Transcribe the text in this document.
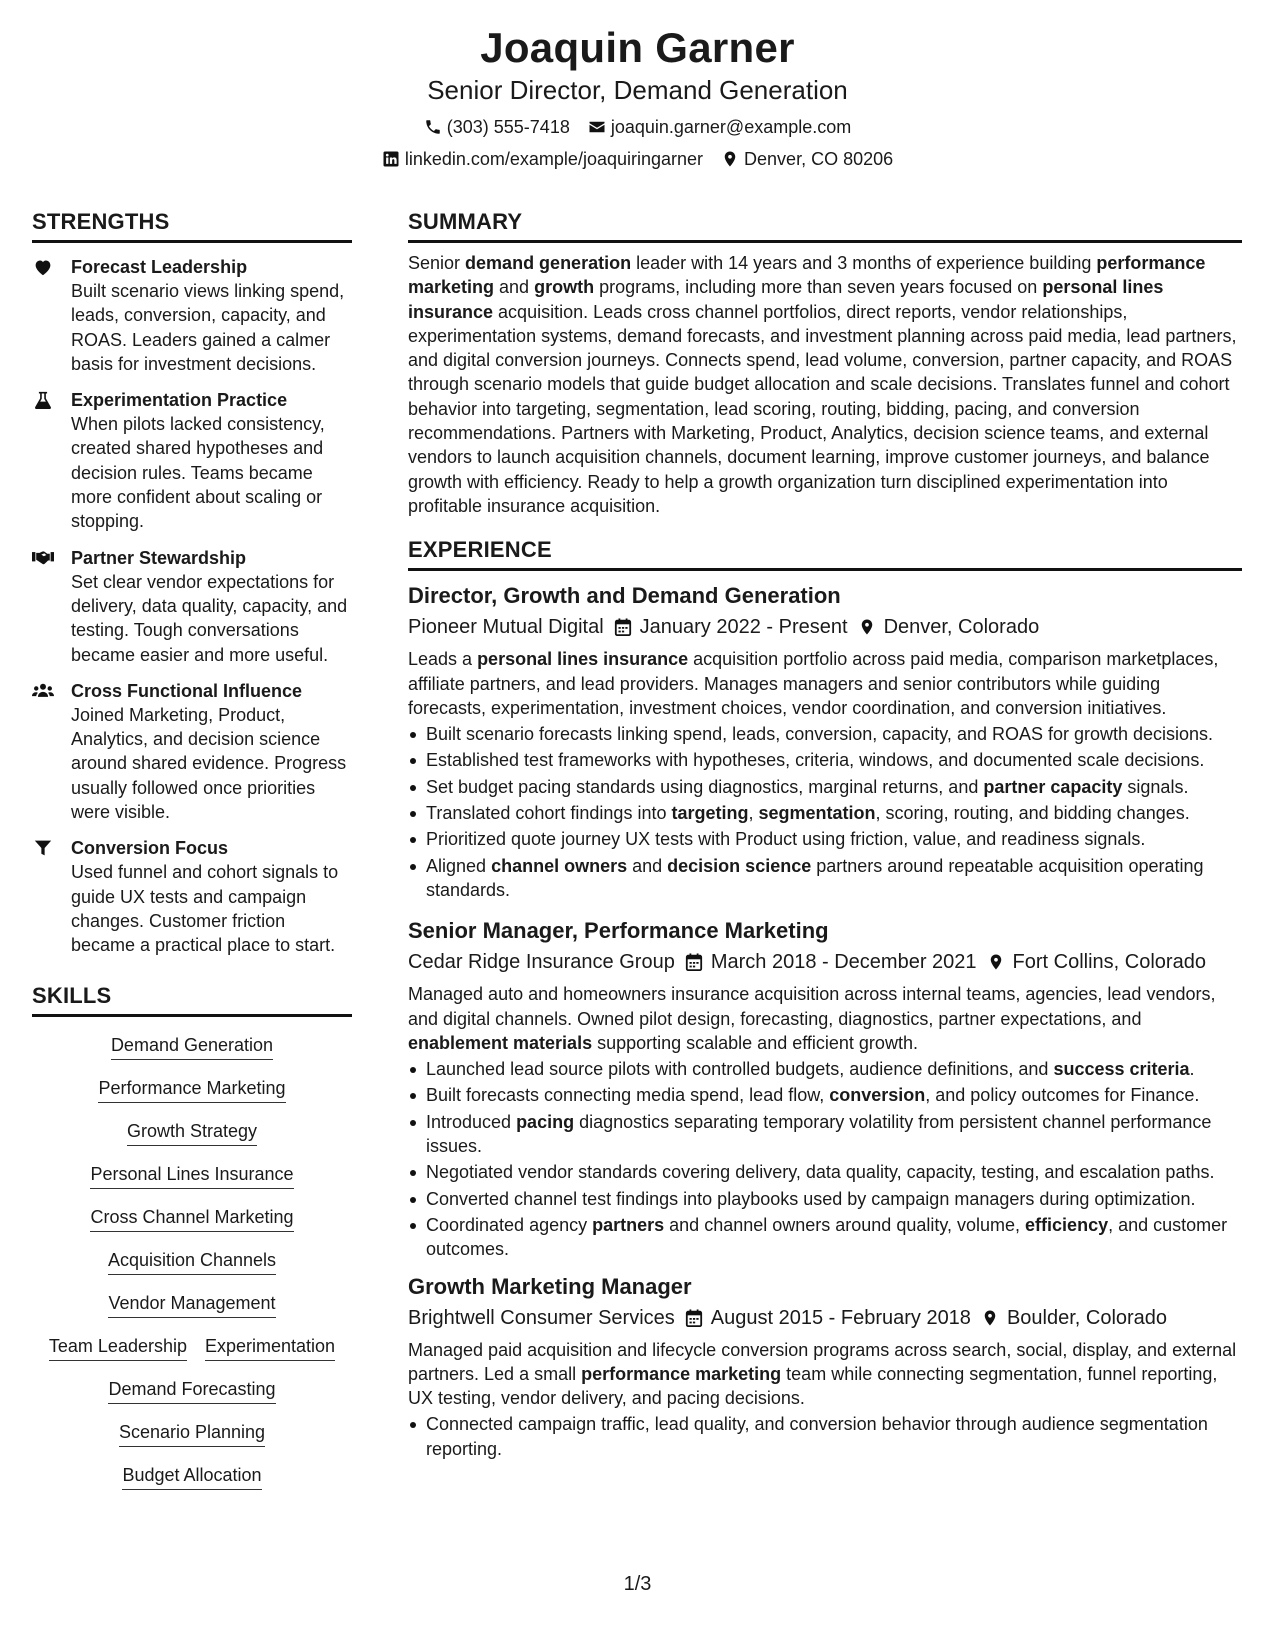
Joaquin Garner
Senior Director, Demand Generation
(303) 555-7418 joaquin.garner@example.com
linkedin.com/example/joaquiringarner Denver, CO 80206
STRENGTHS
Forecast Leadership
Built scenario views linking spend, leads, conversion, capacity, and ROAS. Leaders gained a calmer basis for investment decisions.
Experimentation Practice
When pilots lacked consistency, created shared hypotheses and decision rules. Teams became more confident about scaling or stopping.
Partner Stewardship
Set clear vendor expectations for delivery, data quality, capacity, and testing. Tough conversations became easier and more useful.
Cross Functional Influence
Joined Marketing, Product, Analytics, and decision science around shared evidence. Progress usually followed once priorities were visible.
Conversion Focus
Used funnel and cohort signals to guide UX tests and campaign changes. Customer friction became a practical place to start.
SKILLS
Demand Generation
Performance Marketing
Growth Strategy
Personal Lines Insurance
Cross Channel Marketing
Acquisition Channels
Vendor Management
Team Leadership Experimentation
Demand Forecasting
Scenario Planning
Budget Allocation
SUMMARY
Senior demand generation leader with 14 years and 3 months of experience building performance marketing and growth programs, including more than seven years focused on personal lines insurance acquisition. Leads cross channel portfolios, direct reports, vendor relationships, experimentation systems, demand forecasts, and investment planning across paid media, lead partners, and digital conversion journeys. Connects spend, lead volume, conversion, partner capacity, and ROAS through scenario models that guide budget allocation and scale decisions. Translates funnel and cohort behavior into targeting, segmentation, lead scoring, routing, bidding, pacing, and conversion recommendations. Partners with Marketing, Product, Analytics, decision science teams, and external vendors to launch acquisition channels, document learning, improve customer journeys, and balance growth with efficiency. Ready to help a growth organization turn disciplined experimentation into profitable insurance acquisition.
EXPERIENCE
Director, Growth and Demand Generation
Pioneer Mutual Digital January 2022 - Present Denver, Colorado
Leads a personal lines insurance acquisition portfolio across paid media, comparison marketplaces, affiliate partners, and lead providers. Manages managers and senior contributors while guiding forecasts, experimentation, investment choices, vendor coordination, and conversion initiatives.
Built scenario forecasts linking spend, leads, conversion, capacity, and ROAS for growth decisions.
Established test frameworks with hypotheses, criteria, windows, and documented scale decisions.
Set budget pacing standards using diagnostics, marginal returns, and partner capacity signals.
Translated cohort findings into targeting, segmentation, scoring, routing, and bidding changes.
Prioritized quote journey UX tests with Product using friction, value, and readiness signals.
Aligned channel owners and decision science partners around repeatable acquisition operating standards.
Senior Manager, Performance Marketing
Cedar Ridge Insurance Group March 2018 - December 2021 Fort Collins, Colorado
Managed auto and homeowners insurance acquisition across internal teams, agencies, lead vendors, and digital channels. Owned pilot design, forecasting, diagnostics, partner expectations, and enablement materials supporting scalable and efficient growth.
Launched lead source pilots with controlled budgets, audience definitions, and success criteria.
Built forecasts connecting media spend, lead flow, conversion, and policy outcomes for Finance.
Introduced pacing diagnostics separating temporary volatility from persistent channel performance issues.
Negotiated vendor standards covering delivery, data quality, capacity, testing, and escalation paths.
Converted channel test findings into playbooks used by campaign managers during optimization.
Coordinated agency partners and channel owners around quality, volume, efficiency, and customer outcomes.
Growth Marketing Manager
Brightwell Consumer Services August 2015 - February 2018 Boulder, Colorado
Managed paid acquisition and lifecycle conversion programs across search, social, display, and external partners. Led a small performance marketing team while connecting segmentation, funnel reporting, UX testing, vendor delivery, and pacing decisions.
Connected campaign traffic, lead quality, and conversion behavior through audience segmentation reporting.
1/3
